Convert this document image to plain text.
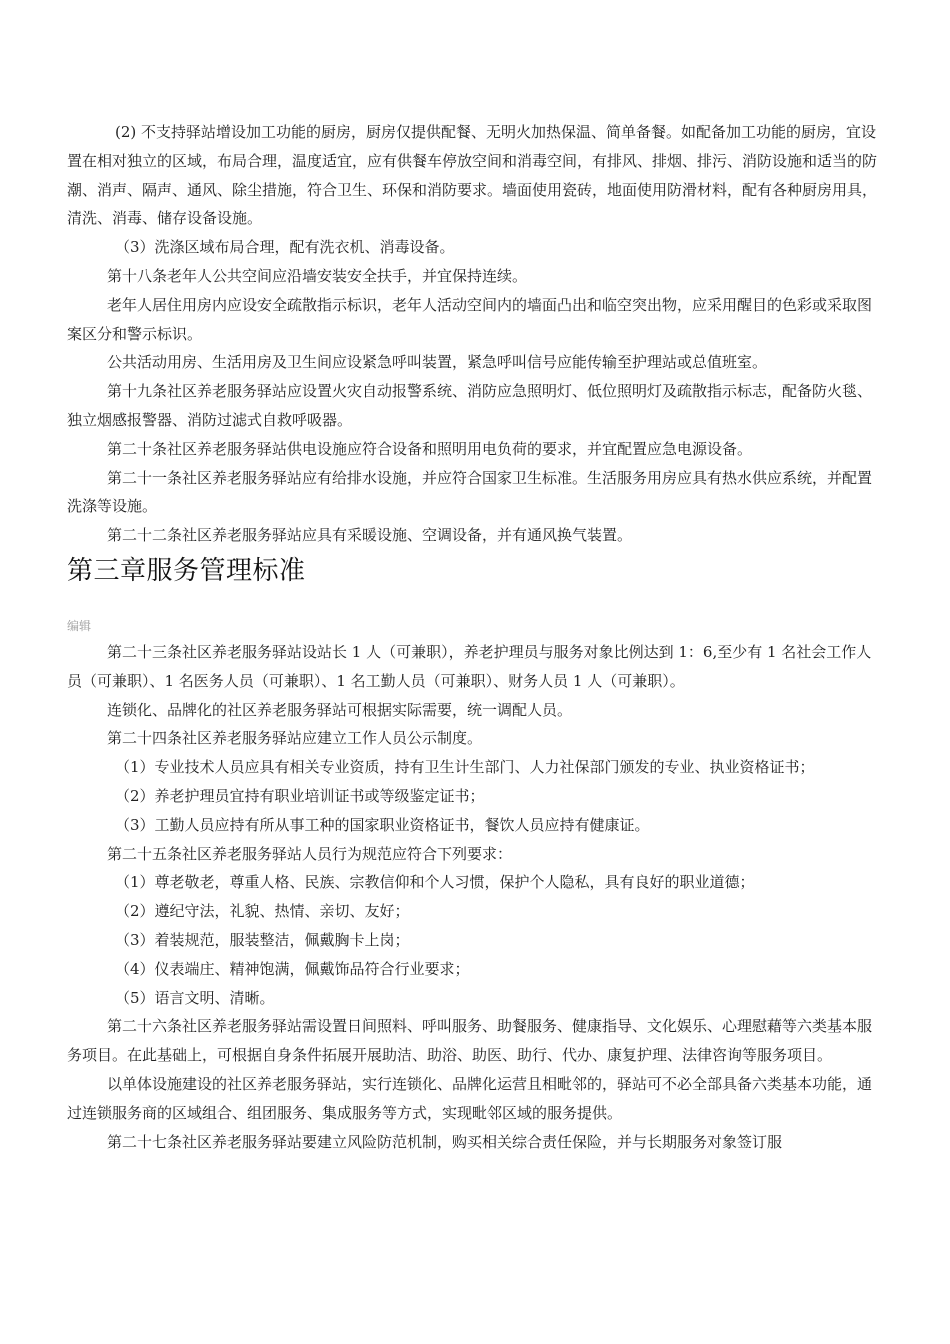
(2) 不支持驿站增设加工功能的厨房，厨房仅提供配餐、无明火加热保温、简单备餐。如配备加工功能的厨房，宜设置在相对独立的区域，布局合理，温度适宜，应有供餐车停放空间和消毒空间，有排风、排烟、排污、消防设施和适当的防潮、消声、隔声、通风、除尘措施，符合卫生、环保和消防要求。墙面使用瓷砖，地面使用防滑材料，配有各种厨房用具，清洗、消毒、储存设备设施。

（3）洗涤区域布局合理，配有洗衣机、消毒设备。

第十八条老年人公共空间应沿墙安装安全扶手，并宜保持连续。

老年人居住用房内应设安全疏散指示标识，老年人活动空间内的墙面凸出和临空突出物，应采用醒目的色彩或采取图案区分和警示标识。

公共活动用房、生活用房及卫生间应设紧急呼叫装置，紧急呼叫信号应能传输至护理站或总值班室。

第十九条社区养老服务驿站应设置火灾自动报警系统、消防应急照明灯、低位照明灯及疏散指示标志，配备防火毯、独立烟感报警器、消防过滤式自救呼吸器。

第二十条社区养老服务驿站供电设施应符合设备和照明用电负荷的要求，并宜配置应急电源设备。

第二十一条社区养老服务驿站应有给排水设施，并应符合国家卫生标准。生活服务用房应具有热水供应系统，并配置洗涤等设施。

第二十二条社区养老服务驿站应具有采暖设施、空调设备，并有通风换气装置。

第三章服务管理标准
编辑

第二十三条社区养老服务驿站设站长 1 人（可兼职），养老护理员与服务对象比例达到 1：6,至少有 1 名社会工作人员（可兼职）、1 名医务人员（可兼职）、1 名工勤人员（可兼职）、财务人员 1 人（可兼职）。

连锁化、品牌化的社区养老服务驿站可根据实际需要，统一调配人员。

第二十四条社区养老服务驿站应建立工作人员公示制度。

（1）专业技术人员应具有相关专业资质，持有卫生计生部门、人力社保部门颁发的专业、执业资格证书；

（2）养老护理员宜持有职业培训证书或等级鉴定证书；

（3）工勤人员应持有所从事工种的国家职业资格证书，餐饮人员应持有健康证。

第二十五条社区养老服务驿站人员行为规范应符合下列要求：

（1）尊老敬老，尊重人格、民族、宗教信仰和个人习惯，保护个人隐私，具有良好的职业道德；

（2）遵纪守法，礼貌、热情、亲切、友好；

（3）着装规范，服装整洁，佩戴胸卡上岗；

（4）仪表端庄、精神饱满，佩戴饰品符合行业要求；

（5）语言文明、清晰。

第二十六条社区养老服务驿站需设置日间照料、呼叫服务、助餐服务、健康指导、文化娱乐、心理慰藉等六类基本服务项目。在此基础上，可根据自身条件拓展开展助洁、助浴、助医、助行、代办、康复护理、法律咨询等服务项目。

以单体设施建设的社区养老服务驿站，实行连锁化、品牌化运营且相毗邻的，驿站可不必全部具备六类基本功能，通过连锁服务商的区域组合、组团服务、集成服务等方式，实现毗邻区域的服务提供。

第二十七条社区养老服务驿站要建立风险防范机制，购买相关综合责任保险，并与长期服务对象签订服
